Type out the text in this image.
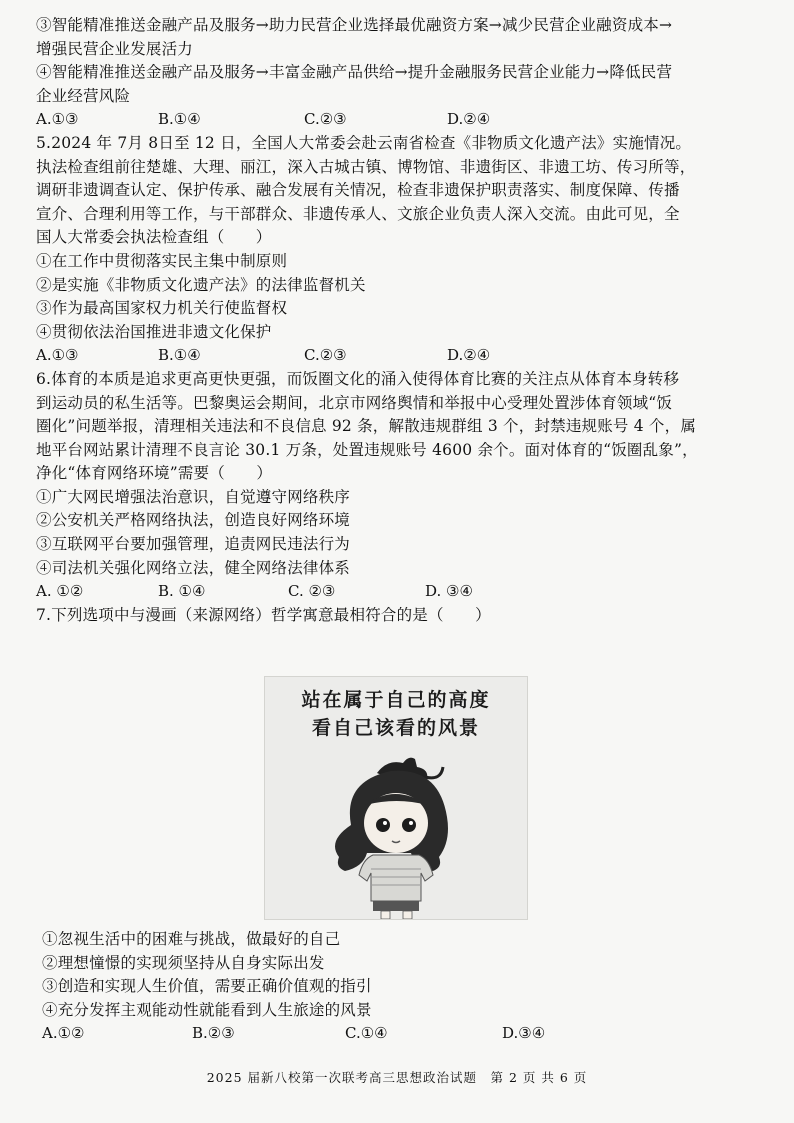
③智能精准推送金融产品及服务→助力民营企业选择最优融资方案→减少民营企业融资成本→
增强民营企业发展活力
④智能精准推送金融产品及服务→丰富金融产品供给→提升金融服务民营企业能力→降低民营
企业经营风险
A.①③	B.①④	C.②③	D.②④
5.2024 年 7月 8日至 12 日，全国人大常委会赴云南省检查《非物质文化遗产法》实施情况。
执法检查组前往楚雄、大理、丽江，深入古城古镇、博物馆、非遗街区、非遗工坊、传习所等，
调研非遗调查认定、保护传承、融合发展有关情况，检查非遗保护职责落实、制度保障、传播
宣介、合理利用等工作，与干部群众、非遗传承人、文旅企业负责人深入交流。由此可见，全
国人大常委会执法检查组（　　）
①在工作中贯彻落实民主集中制原则
②是实施《非物质文化遗产法》的法律监督机关
③作为最高国家权力机关行使监督权
④贯彻依法治国推进非遗文化保护
A.①③	B.①④	C.②③	D.②④
6.体育的本质是追求更高更快更强，而饭圈文化的涌入使得体育比赛的关注点从体育本身转移
到运动员的私生活等。巴黎奥运会期间，北京市网络舆情和举报中心受理处置涉体育领域“饭
圈化”问题举报，清理相关违法和不良信息 92 条，解散违规群组 3 个，封禁违规账号 4 个，属
地平台网站累计清理不良言论 30.1 万条，处置违规账号 4600 余个。面对体育的“饭圈乱象”，
净化“体育网络环境”需要（　　）
①广大网民增强法治意识，自觉遵守网络秩序
②公安机关严格网络执法，创造良好网络环境
③互联网平台要加强管理，追责网民违法行为
④司法机关强化网络立法，健全网络法律体系
A. ①②	B. ①④	C. ②③	D. ③④
7.下列选项中与漫画（来源网络）哲学寓意最相符合的是（　　）
站在属于自己的高度
看自己该看的风景
①忽视生活中的困难与挑战，做最好的自己
②理想憧憬的实现须坚持从自身实际出发
③创造和实现人生价值，需要正确价值观的指引
④充分发挥主观能动性就能看到人生旅途的风景
A.①②	B.②③	C.①④	D.③④
2025 届新八校第一次联考高三思想政治试题　第 2 页 共 6 页
